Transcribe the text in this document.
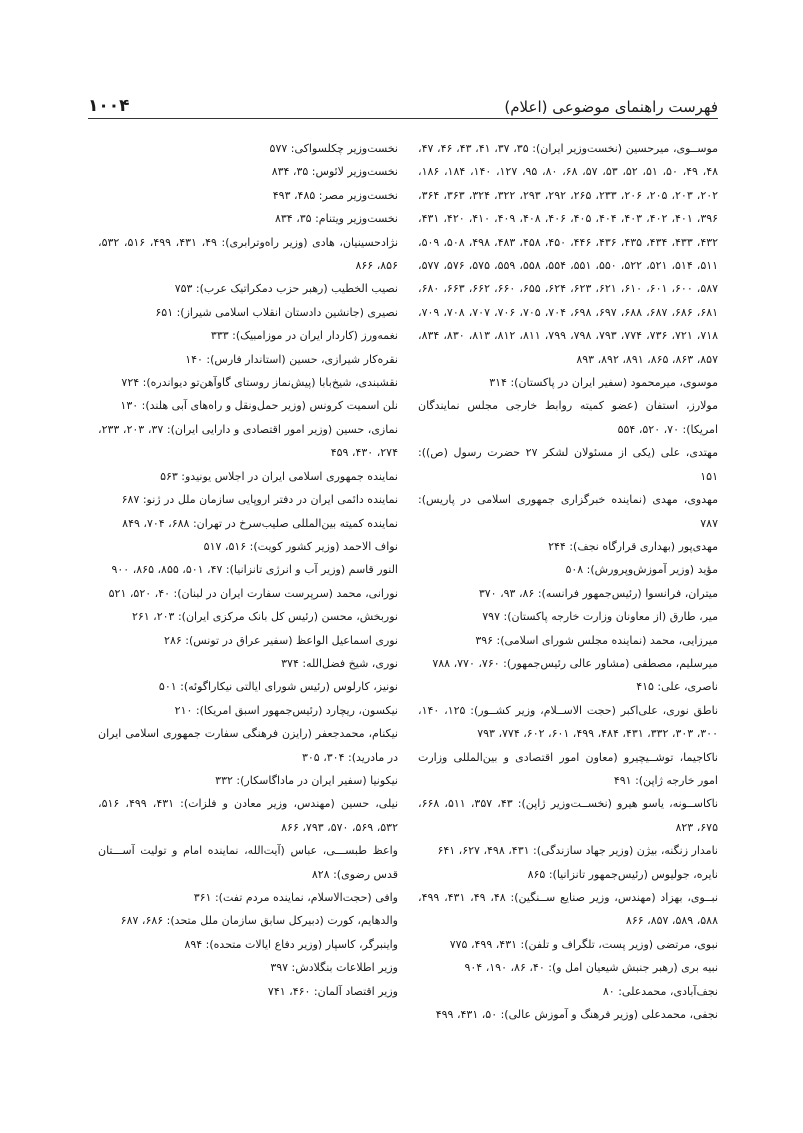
فهرست راهنمای موضوعی (اعلام)
۱۰۰۴

موســوی، میرحسین (نخست‌وزیر ایران): ۳۵، ۳۷، ۴۱، ۴۳، ۴۶، ۴۷، ۴۸، ۴۹، ۵۰، ۵۱، ۵۲، ۵۳، ۵۷، ۶۸، ۸۰، ۹۵، ۱۲۷، ۱۴۰، ۱۸۴، ۱۸۶، ۲۰۲، ۲۰۳، ۲۰۵، ۲۰۶، ۲۳۳، ۲۶۵، ۲۹۲، ۲۹۳، ۳۲۲، ۳۲۴، ۳۶۳، ۳۶۴، ۳۹۶، ۴۰۱، ۴۰۲، ۴۰۳، ۴۰۴، ۴۰۵، ۴۰۶، ۴۰۸، ۴۰۹، ۴۱۰، ۴۲۰، ۴۳۱، ۴۳۲، ۴۳۳، ۴۳۴، ۴۳۵، ۴۳۶، ۴۴۶، ۴۵۰، ۴۵۸، ۴۸۳، ۴۹۸، ۵۰۸، ۵۰۹، ۵۱۱، ۵۱۴، ۵۲۱، ۵۲۲، ۵۵۰، ۵۵۱، ۵۵۴، ۵۵۸، ۵۵۹، ۵۷۵، ۵۷۶، ۵۷۷، ۵۸۷، ۶۰۰، ۶۰۱، ۶۱۰، ۶۲۱، ۶۲۳، ۶۲۴، ۶۵۵، ۶۶۰، ۶۶۲، ۶۶۳، ۶۸۰، ۶۸۱، ۶۸۶، ۶۸۷، ۶۸۸، ۶۹۷، ۶۹۸، ۷۰۴، ۷۰۵، ۷۰۶، ۷۰۷، ۷۰۸، ۷۰۹، ۷۱۸، ۷۲۱، ۷۳۶، ۷۷۴، ۷۹۳، ۷۹۸، ۷۹۹، ۸۱۱، ۸۱۲، ۸۱۳، ۸۳۰، ۸۳۴، ۸۵۷، ۸۶۳، ۸۶۵، ۸۹۱، ۸۹۲، ۸۹۳

موسوی، میرمحمود (سفیر ایران در پاکستان): ۳۱۴

مولارز، استفان (عضو کمیته روابط خارجی مجلس نمایندگان امریکا): ۷۰، ۵۲۰، ۵۵۴

مهتدی، علی (یکی از مسئولان لشکر ۲۷ حضرت رسول (ص)): ۱۵۱

مهدوی، مهدی (نماینده خبرگزاری جمهوری اسلامی در پاریس): ۷۸۷

مهدی‌پور (بهداری قرارگاه نجف): ۲۴۴

مؤید (وزیر آموزش‌وپرورش): ۵۰۸

میتران، فرانسوا (رئیس‌جمهور فرانسه): ۸۶، ۹۳، ۳۷۰

میر، طارق (از معاونان وزارت خارجه پاکستان): ۷۹۷

میرزایی، محمد (نماینده مجلس شورای اسلامی): ۳۹۶

میرسلیم، مصطفی (مشاور عالی رئیس‌جمهور): ۷۶۰، ۷۷۰، ۷۸۸

ناصری، علی: ۴۱۵

ناطق نوری، علی‌اکبر (حجت الاســلام، وزیر کشــور): ۱۲۵، ۱۴۰، ۳۰۰، ۳۰۳، ۳۳۲، ۴۳۱، ۴۸۴، ۴۹۹، ۶۰۱، ۶۰۲، ۷۷۴، ۷۹۳

ناکاجیما، توشــیچیرو (معاون امور اقتصادی و بین‌المللی وزارت امور خارجه ژاپن): ۴۹۱

ناکاســونه، یاسو هیرو (نخســت‌وزیر ژاپن): ۴۳، ۳۵۷، ۵۱۱، ۶۶۸، ۶۷۵، ۸۲۳

نامدار زنگنه، بیژن (وزیر جهاد سازندگی): ۴۳۱، ۴۹۸، ۶۲۷، ۶۴۱

نایره، جولیوس (رئیس‌جمهور تانزانیا): ۸۶۵

نبــوی، بهزاد (مهندس، وزیر صنایع ســنگین): ۴۸، ۴۹، ۴۳۱، ۴۹۹، ۵۸۸، ۵۸۹، ۸۵۷، ۸۶۶

نبوی، مرتضی (وزیر پست، تلگراف و تلفن): ۴۳۱، ۴۹۹، ۷۷۵

نبیه بری (رهبر جنبش شیعیان امل و): ۴۰، ۸۶، ۱۹۰، ۹۰۴

نجف‌آبادی، محمدعلی: ۸۰

نجفی، محمدعلی (وزیر فرهنگ و آموزش عالی): ۵۰، ۴۳۱، ۴۹۹

نخست‌وزیر چکلسواکی: ۵۷۷

نخست‌وزیر لائوس: ۳۵، ۸۳۴

نخست‌وزیر مصر: ۴۸۵، ۴۹۳

نخست‌وزیر ویتنام: ۳۵، ۸۳۴

نژادحسینیان، هادی (وزیر راه‌وترابری): ۴۹، ۴۳۱، ۴۹۹، ۵۱۶، ۵۳۲، ۸۵۶، ۸۶۶

نصیب الخطیب (رهبر حزب دمکراتیک عرب): ۷۵۳

نصیری (جانشین دادستان انقلاب اسلامی شیراز): ۶۵۱

نغمه‌ورز (کاردار ایران در موزامبیک): ۳۳۳

نقره‌کار شیرازی، حسین (استاندار فارس): ۱۴۰

نقشبندی، شیخ‌بابا (پیش‌نماز روستای گاوآهن‌تو دیواندره): ۷۲۴

نلن اسمیت کرونس (وزیر حمل‌ونقل و راه‌های آبی هلند): ۱۳۰

نمازی، حسین (وزیر امور اقتصادی و دارایی ایران): ۳۷، ۲۰۳، ۲۳۳، ۲۷۴، ۴۳۰، ۴۵۹

نماینده جمهوری اسلامی ایران در اجلاس یونیدو: ۵۶۳

نماینده دائمی ایران در دفتر اروپایی سازمان ملل در ژنو: ۶۸۷

نماینده کمیته بین‌المللی صلیب‌سرخ در تهران: ۶۸۸، ۷۰۴، ۸۴۹

نواف الاحمد (وزیر کشور کویت): ۵۱۶، ۵۱۷

النور قاسم (وزیر آب و انرژی تانزانیا): ۴۷، ۵۰۱، ۸۵۵، ۸۶۵، ۹۰۰

نورانی، محمد (سرپرست سفارت ایران در لبنان): ۴۰، ۵۲۰، ۵۲۱

نوربخش، محسن (رئیس کل بانک مرکزی ایران): ۲۰۳، ۲۶۱

نوری اسماعیل الواعظ (سفیر عراق در تونس): ۲۸۶

نوری، شیخ فضل‌الله: ۳۷۴

نونیز، کارلوس (رئیس شورای ایالتی نیکاراگوئه): ۵۰۱

نیکسون، ریچارد (رئیس‌جمهور اسبق امریکا): ۲۱۰

نیکنام، محمدجعفر (رایزن فرهنگی سفارت جمهوری اسلامی ایران در مادرید): ۳۰۴، ۳۰۵

نیکونیا (سفیر ایران در ماداگاسکار): ۳۳۲

نیلی، حسین (مهندس، وزیر معادن و فلزات): ۴۳۱، ۴۹۹، ۵۱۶، ۵۳۲، ۵۶۹، ۵۷۰، ۷۹۳، ۸۶۶

واعظ طبســـی، عباس (آیت‌الله، نماینده امام و تولیت آســـتان قدس رضوی): ۸۲۸

وافی (حجت‌الاسلام، نماینده مردم تفت): ۳۶۱

والدهایم، کورت (دبیرکل سابق سازمان ملل متحد): ۶۸۶، ۶۸۷

واینبرگر، کاسپار (وزیر دفاع ایالات متحده): ۸۹۴

وزیر اطلاعات بنگلادش: ۳۹۷

وزیر اقتصاد آلمان: ۴۶۰، ۷۴۱
